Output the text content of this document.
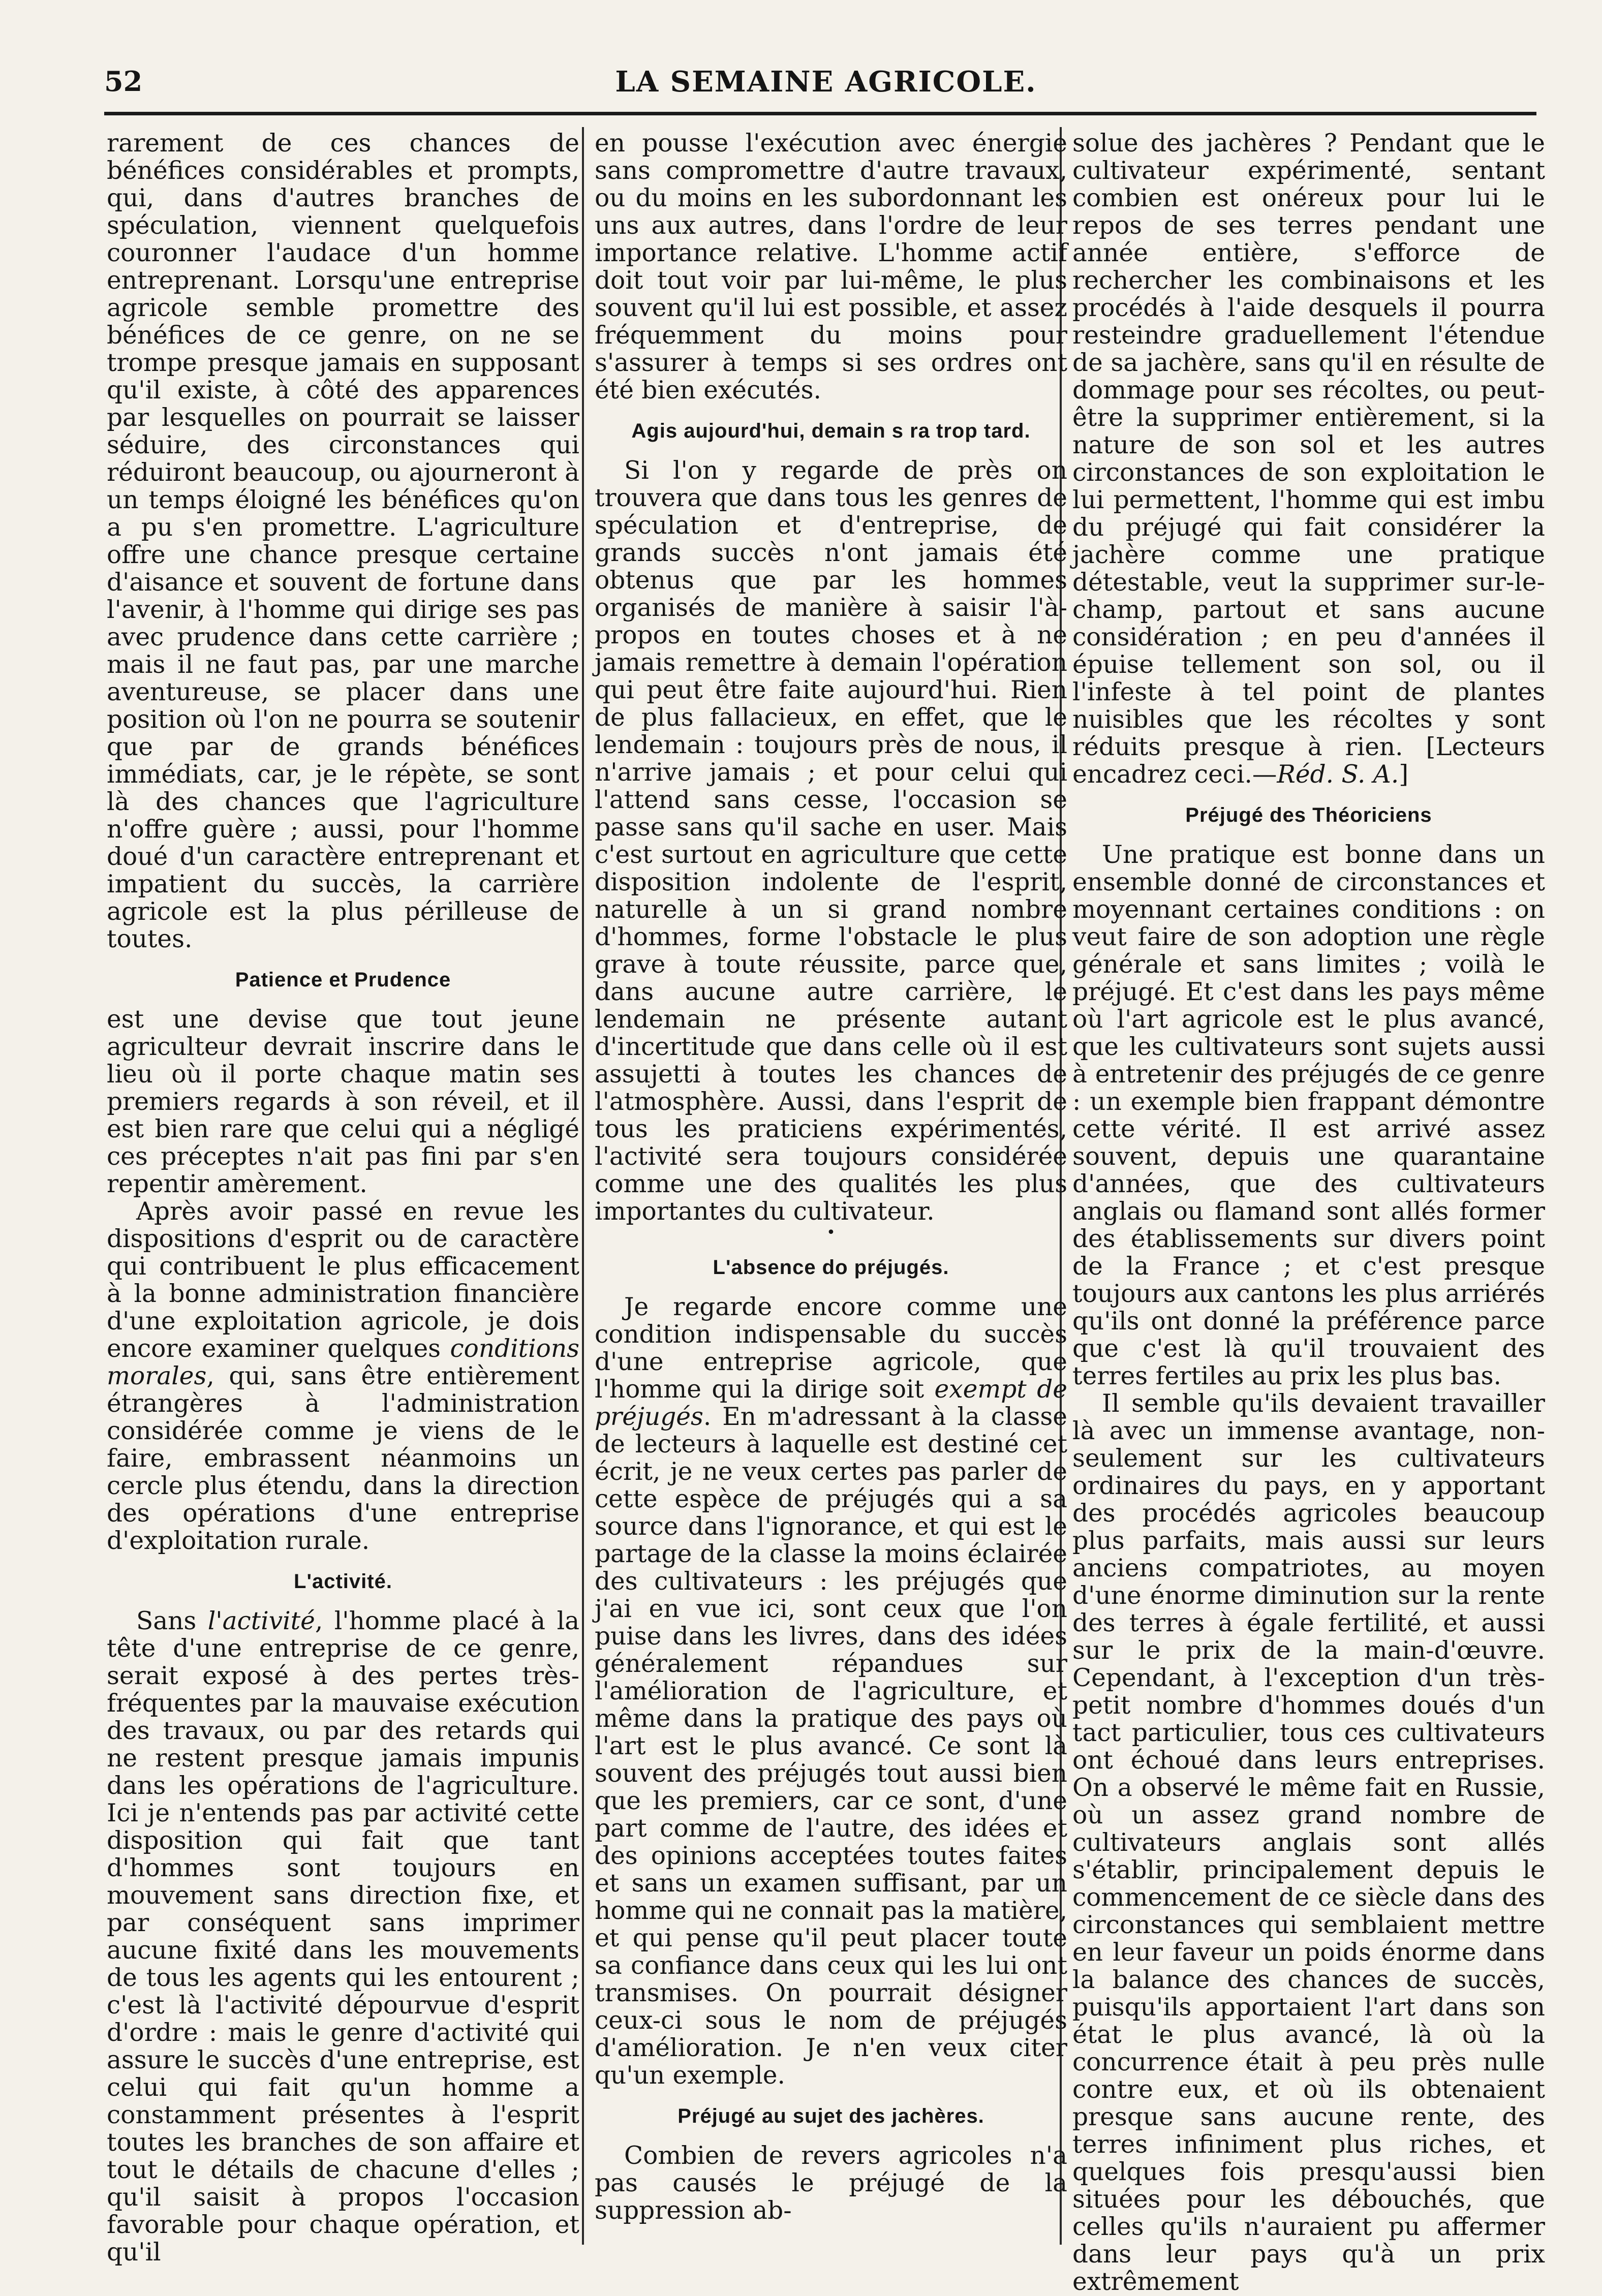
52	LA SEMAINE AGRICOLE.

rarement de ces chances de bénéfices considérables et prompts, qui, dans d'autres branches de spéculation, viennent quelquefois couronner l'audace d'un homme entreprenant. Lorsqu'une entreprise agricole semble promettre des bénéfices de ce genre, on ne se trompe presque jamais en supposant qu'il existe, à côté des apparences par lesquelles on pourrait se laisser séduire, des circonstances qui réduiront beaucoup, ou ajourneront à un temps éloigné les bénéfices qu'on a pu s'en promettre. L'agriculture offre une chance presque certaine d'aisance et souvent de fortune dans l'avenir, à l'homme qui dirige ses pas avec prudence dans cette carrière ; mais il ne faut pas, par une marche aventureuse, se placer dans une position où l'on ne pourra se soutenir que par de grands bénéfices immédiats, car, je le répète, se sont là des chances que l'agriculture n'offre guère ; aussi, pour l'homme doué d'un caractère entreprenant et impatient du succès, la carrière agricole est la plus périlleuse de toutes.

Patience et Prudence

est une devise que tout jeune agriculteur devrait inscrire dans le lieu où il porte chaque matin ses premiers regards à son réveil, et il est bien rare que celui qui a négligé ces préceptes n'ait pas fini par s'en repentir amèrement.

Après avoir passé en revue les dispositions d'esprit ou de caractère qui contribuent le plus efficacement à la bonne administration financière d'une exploitation agricole, je dois encore examiner quelques conditions morales, qui, sans être entièrement étrangères à l'administration considérée comme je viens de le faire, embrassent néanmoins un cercle plus étendu, dans la direction des opérations d'une entreprise d'exploitation rurale.

L'activité.

Sans l'activité, l'homme placé à la tête d'une entreprise de ce genre, serait exposé à des pertes très-fréquentes par la mauvaise exécution des travaux, ou par des retards qui ne restent presque jamais impunis dans les opérations de l'agriculture. Ici je n'entends pas par activité cette disposition qui fait que tant d'hommes sont toujours en mouvement sans direction fixe, et par conséquent sans imprimer aucune fixité dans les mouvements de tous les agents qui les entourent ; c'est là l'activité dépourvue d'esprit d'ordre : mais le genre d'activité qui assure le succès d'une entreprise, est celui qui fait qu'un homme a constamment présentes à l'esprit toutes les branches de son affaire et tout le détails de chacune d'elles ; qu'il saisit à propos l'occasion favorable pour chaque opération, et qu'il

en pousse l'exécution avec énergie sans compromettre d'autre travaux, ou du moins en les subordonnant les uns aux autres, dans l'ordre de leur importance relative. L'homme actif doit tout voir par lui-même, le plus souvent qu'il lui est possible, et assez fréquemment du moins pour s'assurer à temps si ses ordres ont été bien exécutés.

Agis aujourd'hui, demain s ra trop tard.

Si l'on y regarde de près on trouvera que dans tous les genres de spéculation et d'entreprise, de grands succès n'ont jamais été obtenus que par les hommes organisés de manière à saisir l'à-propos en toutes choses et à ne jamais remettre à demain l'opération qui peut être faite aujourd'hui. Rien de plus fallacieux, en effet, que le lendemain : toujours près de nous, il n'arrive jamais ; et pour celui qui l'attend sans cesse, l'occasion se passe sans qu'il sache en user. Mais c'est surtout en agriculture que cette disposition indolente de l'esprit, naturelle à un si grand nombre d'hommes, forme l'obstacle le plus grave à toute réussite, parce que, dans aucune autre carrière, le lendemain ne présente autant d'incertitude que dans celle où il est assujetti à toutes les chances de l'atmosphère. Aussi, dans l'esprit de tous les praticiens expérimentés, l'activité sera toujours considérée comme une des qualités les plus importantes du cultivateur.

•
L'absence do préjugés.

Je regarde encore comme une condition indispensable du succès d'une entreprise agricole, que l'homme qui la dirige soit exempt de préjugés. En m'adressant à la classe de lecteurs à laquelle est destiné cet écrit, je ne veux certes pas parler de cette espèce de préjugés qui a sa source dans l'ignorance, et qui est le partage de la classe la moins éclairée des cultivateurs : les préjugés que j'ai en vue ici, sont ceux que l'on puise dans les livres, dans des idées généralement répandues sur l'amélioration de l'agriculture, et même dans la pratique des pays où l'art est le plus avancé. Ce sont là souvent des préjugés tout aussi bien que les premiers, car ce sont, d'une part comme de l'autre, des idées et des opinions acceptées toutes faites et sans un examen suffisant, par un homme qui ne connait pas la matière, et qui pense qu'il peut placer toute sa confiance dans ceux qui les lui ont transmises. On pourrait désigner ceux-ci sous le nom de préjugés d'amélioration. Je n'en veux citer qu'un exemple.

Préjugé au sujet des jachères.

Combien de revers agricoles n'a pas causés le préjugé de la suppression ab-

solue des jachères ? Pendant que le cultivateur expérimenté, sentant combien est onéreux pour lui le repos de ses terres pendant une année entière, s'efforce de rechercher les combinaisons et les procédés à l'aide desquels il pourra resteindre graduellement l'étendue de sa jachère, sans qu'il en résulte de dommage pour ses récoltes, ou peut-être la supprimer entièrement, si la nature de son sol et les autres circonstances de son exploitation le lui permettent, l'homme qui est imbu du préjugé qui fait considérer la jachère comme une pratique détestable, veut la supprimer sur-le-champ, partout et sans aucune considération ; en peu d'années il épuise tellement son sol, ou il l'infeste à tel point de plantes nuisibles que les récoltes y sont réduits presque à rien. [Lecteurs encadrez ceci.—Réd. S. A.]

Préjugé des Théoriciens

Une pratique est bonne dans un ensemble donné de circonstances et moyennant certaines conditions : on veut faire de son adoption une règle générale et sans limites ; voilà le préjugé. Et c'est dans les pays même où l'art agricole est le plus avancé, que les cultivateurs sont sujets aussi à entretenir des préjugés de ce genre : un exemple bien frappant démontre cette vérité. Il est arrivé assez souvent, depuis une quarantaine d'années, que des cultivateurs anglais ou flamand sont allés former des établissements sur divers point de la France ; et c'est presque toujours aux cantons les plus arriérés qu'ils ont donné la préférence parce que c'est là qu'il trouvaient des terres fertiles au prix les plus bas.

Il semble qu'ils devaient travailler là avec un immense avantage, non-seulement sur les cultivateurs ordinaires du pays, en y apportant des procédés agricoles beaucoup plus parfaits, mais aussi sur leurs anciens compatriotes, au moyen d'une énorme diminution sur la rente des terres à égale fertilité, et aussi sur le prix de la main-d'œuvre. Cependant, à l'exception d'un très-petit nombre d'hommes doués d'un tact particulier, tous ces cultivateurs ont échoué dans leurs entreprises. On a observé le même fait en Russie, où un assez grand nombre de cultivateurs anglais sont allés s'établir, principalement depuis le commencement de ce siècle dans des circonstances qui semblaient mettre en leur faveur un poids énorme dans la balance des chances de succès, puisqu'ils apportaient l'art dans son état le plus avancé, là où la concurrence était à peu près nulle contre eux, et où ils obtenaient presque sans aucune rente, des terres infiniment plus riches, et quelques fois presqu'aussi bien situées pour les débouchés, que celles qu'ils n'auraient pu affermer dans leur pays qu'à un prix extrêmement
